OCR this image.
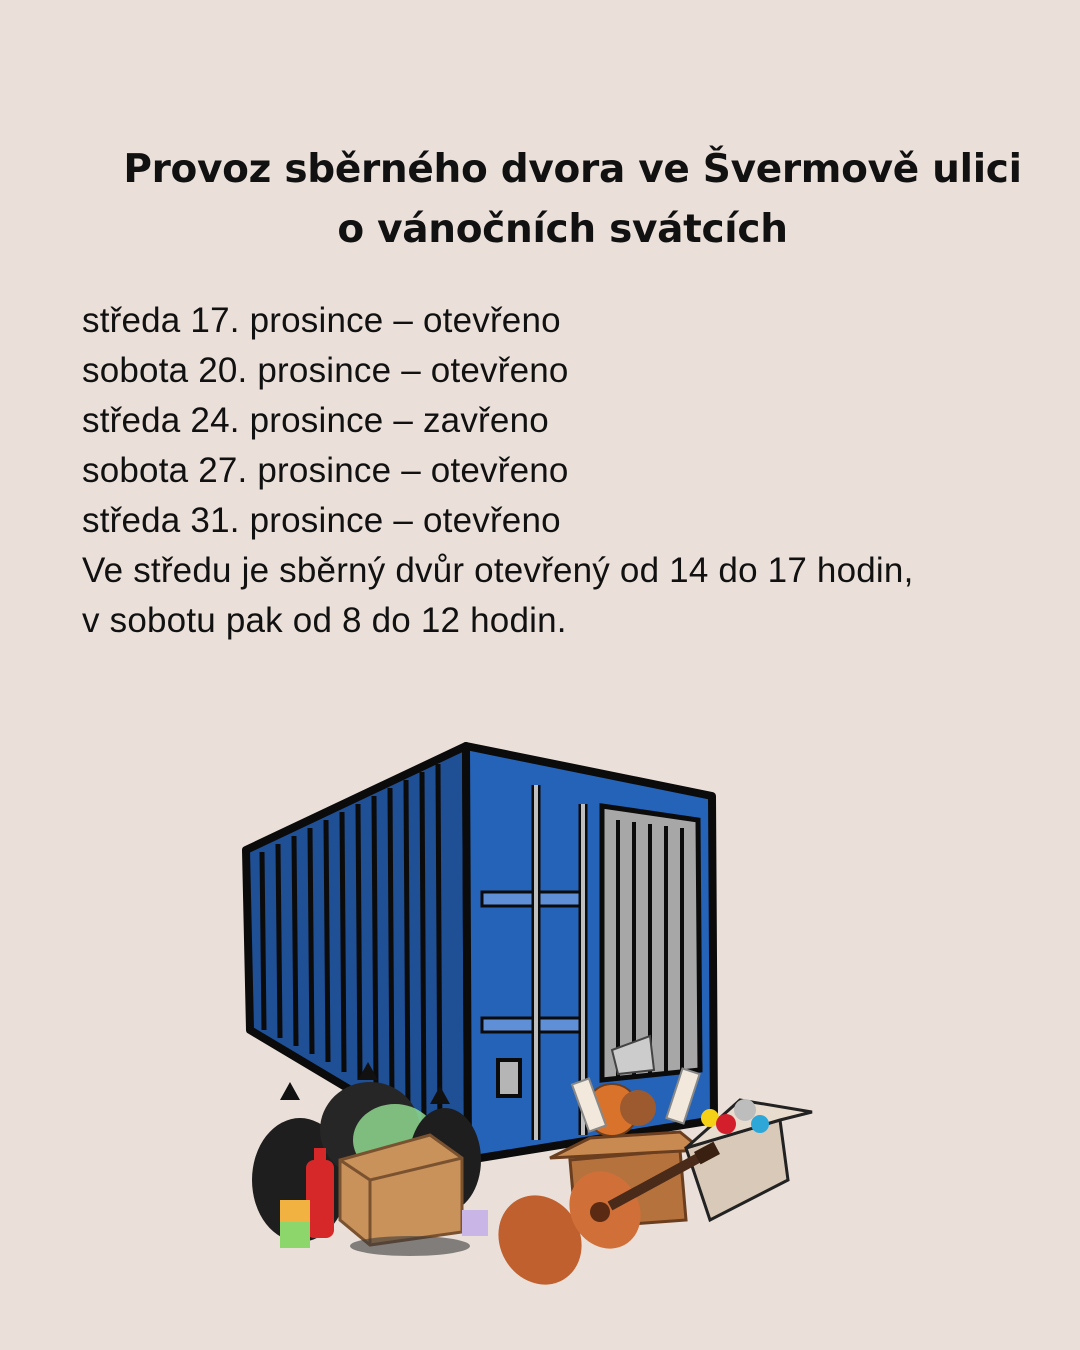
Provoz sběrného dvora ve Švermově ulici
o vánočních svátcích
středa 17. prosince – otevřeno
sobota 20. prosince – otevřeno
středa 24. prosince – zavřeno
sobota 27. prosince – otevřeno
středa 31. prosince – otevřeno
Ve středu je sběrný dvůr otevřený od 14 do 17 hodin,
v sobotu pak od 8 do 12 hodin.
